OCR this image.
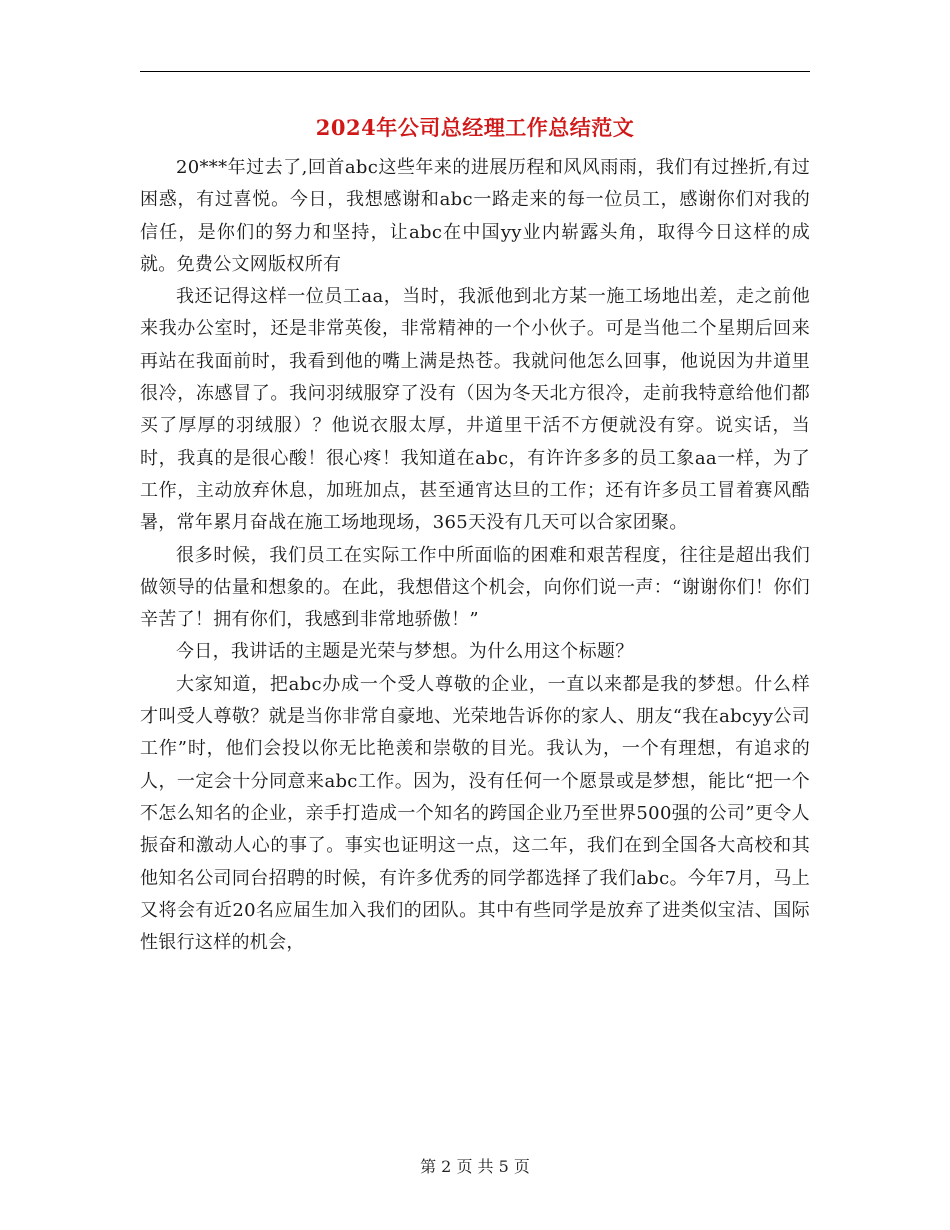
2024年公司总经理工作总结范文

20***年过去了,回首abc这些年来的进展历程和风风雨雨，我们有过挫折,有过困惑，有过喜悦。今日，我想感谢和abc一路走来的每一位员工，感谢你们对我的信任，是你们的努力和坚持，让abc在中国yy业内崭露头角，取得今日这样的成就。免费公文网版权所有

我还记得这样一位员工aa，当时，我派他到北方某一施工场地出差，走之前他来我办公室时，还是非常英俊，非常精神的一个小伙子。可是当他二个星期后回来再站在我面前时，我看到他的嘴上满是热苍。我就问他怎么回事，他说因为井道里很冷，冻感冒了。我问羽绒服穿了没有（因为冬天北方很冷，走前我特意给他们都买了厚厚的羽绒服）？他说衣服太厚，井道里干活不方便就没有穿。说实话，当时，我真的是很心酸！很心疼！我知道在abc，有许许多多的员工象aa一样，为了工作，主动放弃休息，加班加点，甚至通宵达旦的工作；还有许多员工冒着赛风酷暑，常年累月奋战在施工场地现场，365天没有几天可以合家团聚。

很多时候，我们员工在实际工作中所面临的困难和艰苦程度，往往是超出我们做领导的估量和想象的。在此，我想借这个机会，向你们说一声：“谢谢你们！你们辛苦了！拥有你们，我感到非常地骄傲！”

今日，我讲话的主题是光荣与梦想。为什么用这个标题？

大家知道，把abc办成一个受人尊敬的企业，一直以来都是我的梦想。什么样才叫受人尊敬？就是当你非常自豪地、光荣地告诉你的家人、朋友“我在abcyy公司工作”时，他们会投以你无比艳羡和崇敬的目光。我认为，一个有理想，有追求的人，一定会十分同意来abc工作。因为，没有任何一个愿景或是梦想，能比“把一个不怎么知名的企业，亲手打造成一个知名的跨国企业乃至世界500强的公司”更令人振奋和激动人心的事了。事实也证明这一点，这二年，我们在到全国各大高校和其他知名公司同台招聘的时候，有许多优秀的同学都选择了我们abc。今年7月，马上又将会有近20名应届生加入我们的团队。其中有些同学是放弃了进类似宝洁、国际性银行这样的机会，

第 2 页 共 5 页
